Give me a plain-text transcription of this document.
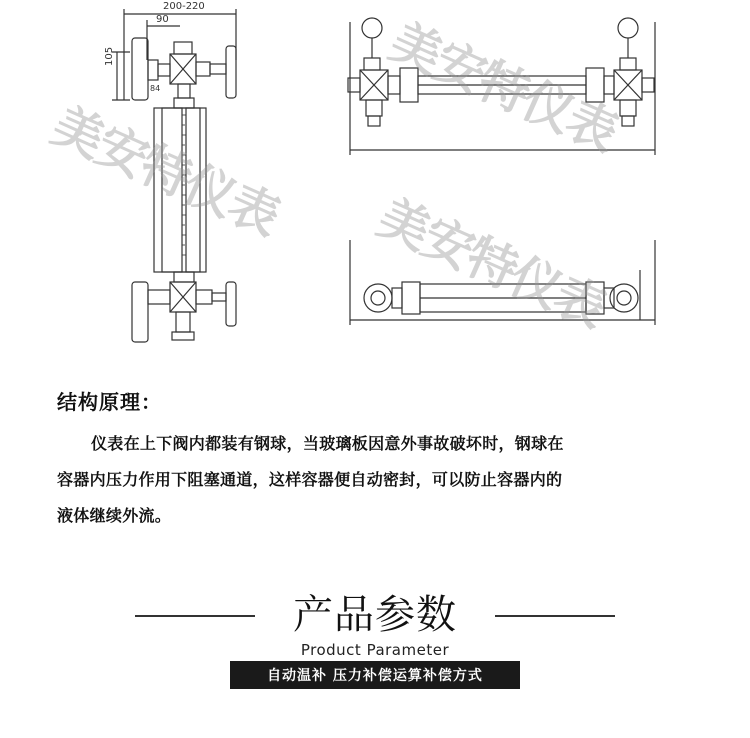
200-220
90
105
84
美安特仪表
美安特仪表
美安特仪表
结构原理：
仪表在上下阀内都装有钢球，当玻璃板因意外事故破坏时，钢球在
容器内压力作用下阻塞通道，这样容器便自动密封，可以防止容器内的
液体继续外流。
产品参数
Product Parameter
自动温补 压力补偿运算补偿方式
